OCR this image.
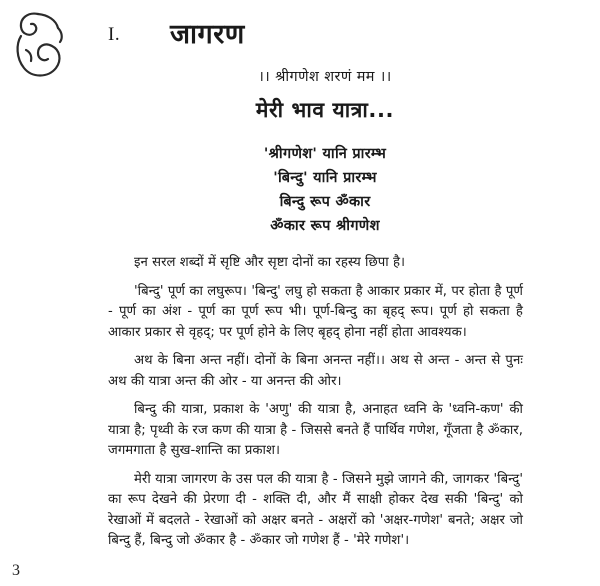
I.	जागरण
।। श्रीगणेश शरणं मम ।।
मेरी भाव यात्रा...
'श्रीगणेश' यानि प्रारम्भ
'बिन्दु' यानि प्रारम्भ
बिन्दु रूप ॐकार
ॐकार रूप श्रीगणेश

इन सरल शब्दों में सृष्टि और सृष्टा दोनों का रहस्य छिपा है।

'बिन्दु' पूर्ण का लघुरूप। 'बिन्दु' लघु हो सकता है आकार प्रकार में, पर होता है पूर्ण - पूर्ण का अंश - पूर्ण का पूर्ण रूप भी। पूर्ण-बिन्दु का बृहद् रूप। पूर्ण हो सकता है आकार प्रकार से वृहद्; पर पूर्ण होने के लिए बृहद् होना नहीं होता आवश्यक।

अथ के बिना अन्त नहीं। दोनों के बिना अनन्त नहीं।। अथ से अन्त - अन्त से पुनः अथ की यात्रा अन्त की ओर - या अनन्त की ओर।

बिन्दु की यात्रा, प्रकाश के 'अणु' की यात्रा है, अनाहत ध्वनि के 'ध्वनि-कण' की यात्रा है; पृथ्वी के रज कण की यात्रा है - जिससे बनते हैं पार्थिव गणेश, गूँजता है ॐकार, जगमगाता है सुख-शान्ति का प्रकाश।

मेरी यात्रा जागरण के उस पल की यात्रा है - जिसने मुझे जागने की, जागकर 'बिन्दु' का रूप देखने की प्रेरणा दी - शक्ति दी, और मैं साक्षी होकर देख सकी 'बिन्दु' को रेखाओं में बदलते - रेखाओं को अक्षर बनते - अक्षरों को 'अक्षर-गणेश' बनते; अक्षर जो बिन्दु हैं, बिन्दु जो ॐकार है - ॐकार जो गणेश हैं - 'मेरे गणेश'।

3
